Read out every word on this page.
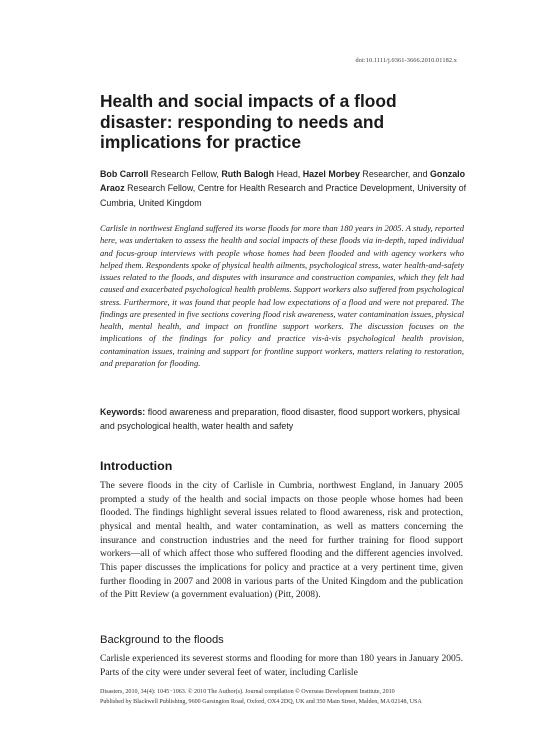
doi:10.1111/j.0361-3666.2010.01182.x
Health and social impacts of a flood disaster: responding to needs and implications for practice
Bob Carroll Research Fellow, Ruth Balogh Head, Hazel Morbey Researcher, and Gonzalo Araoz Research Fellow, Centre for Health Research and Practice Development, University of Cumbria, United Kingdom

Carlisle in northwest England suffered its worse floods for more than 180 years in 2005. A study, reported here, was undertaken to assess the health and social impacts of these floods via in-depth, taped individual and focus-group interviews with people whose homes had been flooded and with agency workers who helped them. Respondents spoke of physical health ailments, psychological stress, water health-and-safety issues related to the floods, and disputes with insurance and construction companies, which they felt had caused and exacerbated psychological health problems. Support workers also suffered from psychological stress. Furthermore, it was found that people had low expectations of a flood and were not prepared. The findings are presented in five sections covering flood risk awareness, water contamination issues, physical health, mental health, and impact on frontline support workers. The discussion focuses on the implications of the findings for policy and practice vis-à-vis psychological health provision, contamination issues, training and support for frontline support workers, matters relating to restoration, and preparation for flooding.

Keywords: flood awareness and preparation, flood disaster, flood support workers, physical and psychological health, water health and safety
Introduction

The severe floods in the city of Carlisle in Cumbria, northwest England, in January 2005 prompted a study of the health and social impacts on those people whose homes had been flooded. The findings highlight several issues related to flood awareness, risk and protection, physical and mental health, and water contamination, as well as matters concerning the insurance and construction industries and the need for further training for flood support workers—all of which affect those who suffered flooding and the different agencies involved. This paper discusses the implications for policy and practice at a very pertinent time, given further flooding in 2007 and 2008 in various parts of the United Kingdom and the publication of the Pitt Review (a government evaluation) (Pitt, 2008).

Background to the floods

Carlisle experienced its severest storms and flooding for more than 180 years in January 2005. Parts of the city were under several feet of water, including Carlisle

Disasters, 2010, 34(4): 1045−1063. © 2010 The Author(s). Journal compilation © Overseas Development Institute, 2010
Published by Blackwell Publishing, 9600 Garsington Road, Oxford, OX4 2DQ, UK and 350 Main Street, Malden, MA 02148, USA
